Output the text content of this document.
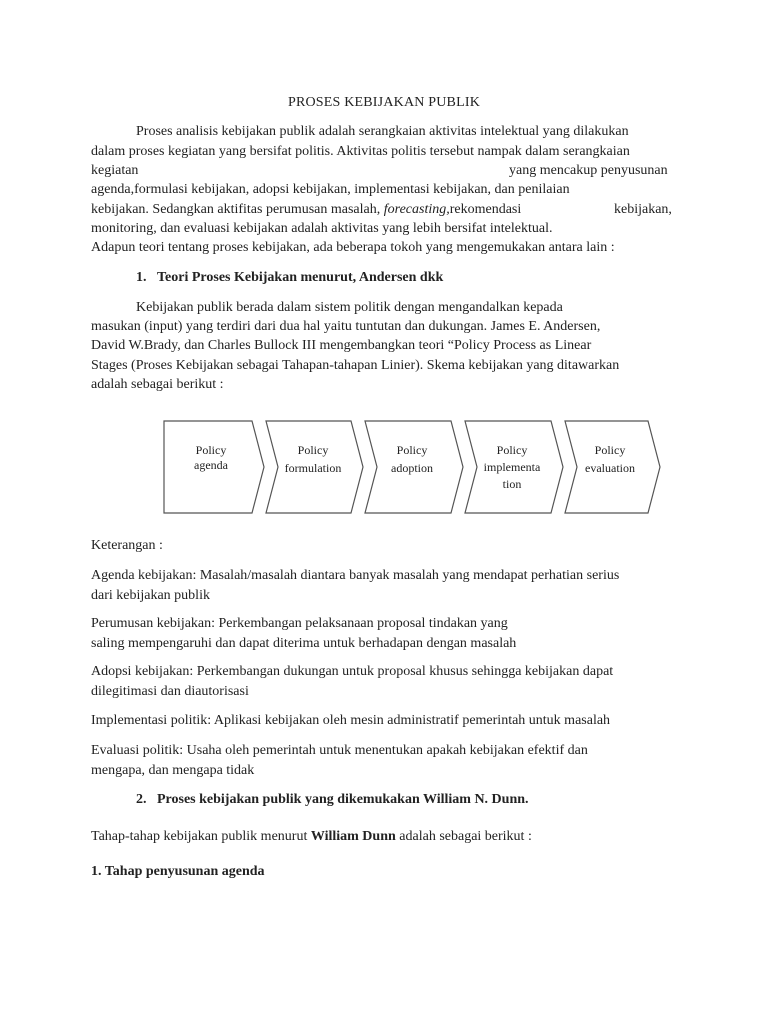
PROSES KEBIJAKAN PUBLIK
Proses analisis kebijakan publik adalah serangkaian aktivitas intelektual yang dilakukan
dalam proses kegiatan yang bersifat politis. Aktivitas politis tersebut nampak dalam serangkaian
kegiatan	yang mencakup penyusunan
agenda,formulasi kebijakan, adopsi kebijakan, implementasi kebijakan, dan penilaian
kebijakan. Sedangkan aktifitas perumusan masalah, forecasting,rekomendasi	kebijakan,
monitoring, dan evaluasi kebijakan adalah aktivitas yang lebih bersifat intelektual.
Adapun teori tentang proses kebijakan, ada beberapa tokoh yang mengemukakan antara lain :
1. Teori Proses Kebijakan menurut, Andersen dkk
Kebijakan publik berada dalam sistem politik dengan mengandalkan kepada
masukan (input) yang terdiri dari dua hal yaitu tuntutan dan dukungan. James E. Andersen,
David W.Brady, dan Charles Bullock III mengembangkan teori “Policy Process as Linear
Stages (Proses Kebijakan sebagai Tahapan-tahapan Linier). Skema kebijakan yang ditawarkan
adalah sebagai berikut :
Policy
agenda
Policy
formulation
Policy
adoption
Policy
implementa
tion
Policy
evaluation
Keterangan :
Agenda kebijakan: Masalah/masalah diantara banyak masalah yang mendapat perhatian serius
dari kebijakan publik
Perumusan kebijakan: Perkembangan pelaksanaan proposal tindakan yang
saling mempengaruhi dan dapat diterima untuk berhadapan dengan masalah
Adopsi kebijakan: Perkembangan dukungan untuk proposal khusus sehingga kebijakan dapat
dilegitimasi dan diautorisasi
Implementasi politik: Aplikasi kebijakan oleh mesin administratif pemerintah untuk masalah
Evaluasi politik: Usaha oleh pemerintah untuk menentukan apakah kebijakan efektif dan
mengapa, dan mengapa tidak
2. Proses kebijakan publik yang dikemukakan William N. Dunn.
Tahap-tahap kebijakan publik menurut William Dunn adalah sebagai berikut :
1. Tahap penyusunan agenda
